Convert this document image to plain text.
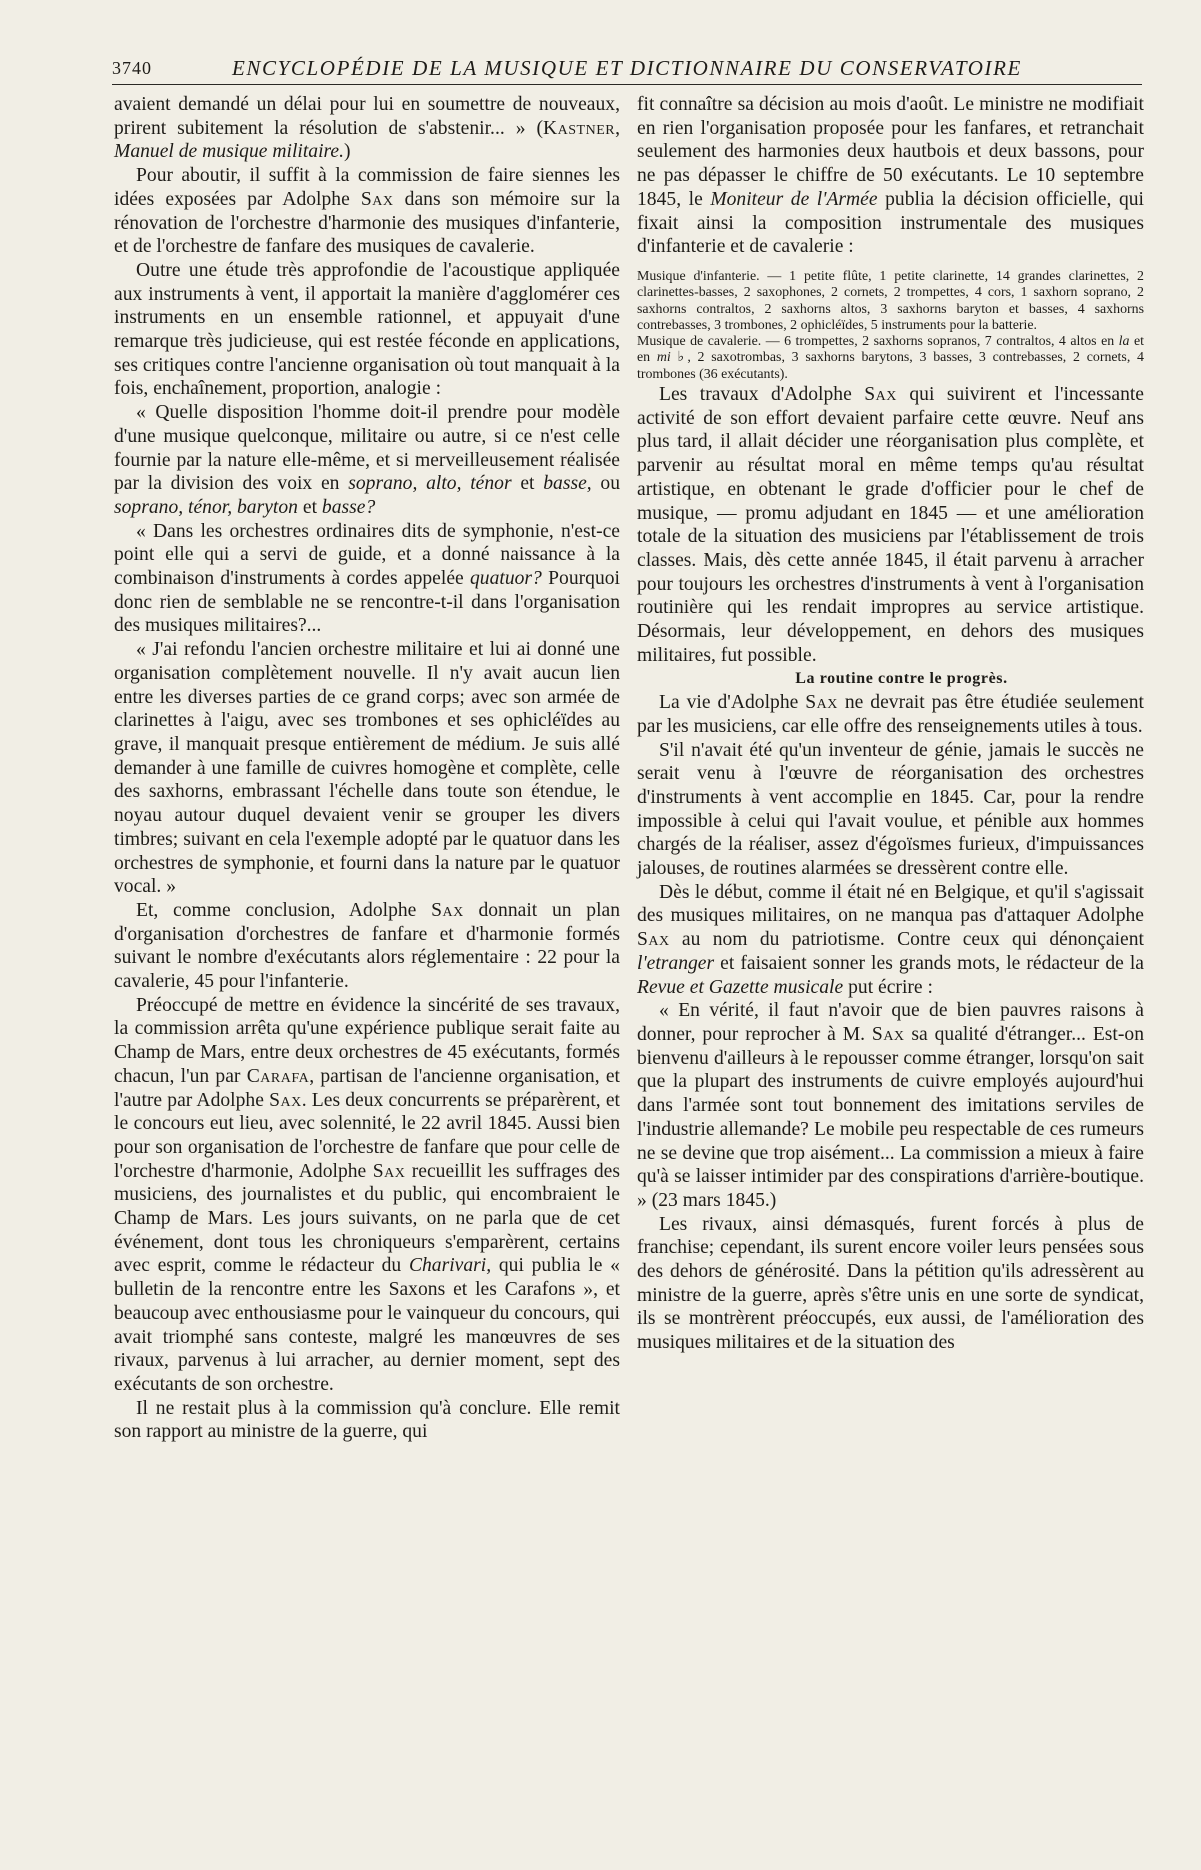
3740	ENCYCLOPÉDIE DE LA MUSIQUE ET DICTIONNAIRE DU CONSERVATOIRE

avaient demandé un délai pour lui en soumettre de nouveaux, prirent subitement la résolution de s'abstenir... » (Kastner, Manuel de musique militaire.)

Pour aboutir, il suffit à la commission de faire siennes les idées exposées par Adolphe Sax dans son mémoire sur la rénovation de l'orchestre d'harmonie des musiques d'infanterie, et de l'orchestre de fanfare des musiques de cavalerie.

Outre une étude très approfondie de l'acoustique appliquée aux instruments à vent, il apportait la manière d'agglomérer ces instruments en un ensemble rationnel, et appuyait d'une remarque très judicieuse, qui est restée féconde en applications, ses critiques contre l'ancienne organisation où tout manquait à la fois, enchaînement, proportion, analogie :

« Quelle disposition l'homme doit-il prendre pour modèle d'une musique quelconque, militaire ou autre, si ce n'est celle fournie par la nature elle-même, et si merveilleusement réalisée par la division des voix en soprano, alto, ténor et basse, ou soprano, ténor, baryton et basse?

« Dans les orchestres ordinaires dits de symphonie, n'est-ce point elle qui a servi de guide, et a donné naissance à la combinaison d'instruments à cordes appelée quatuor? Pourquoi donc rien de semblable ne se rencontre-t-il dans l'organisation des musiques militaires?...

« J'ai refondu l'ancien orchestre militaire et lui ai donné une organisation complètement nouvelle. Il n'y avait aucun lien entre les diverses parties de ce grand corps; avec son armée de clarinettes à l'aigu, avec ses trombones et ses ophicléïdes au grave, il manquait presque entièrement de médium. Je suis allé demander à une famille de cuivres homogène et complète, celle des saxhorns, embrassant l'échelle dans toute son étendue, le noyau autour duquel devaient venir se grouper les divers timbres; suivant en cela l'exemple adopté par le quatuor dans les orchestres de symphonie, et fourni dans la nature par le quatuor vocal. »

Et, comme conclusion, Adolphe Sax donnait un plan d'organisation d'orchestres de fanfare et d'harmonie formés suivant le nombre d'exécutants alors réglementaire : 22 pour la cavalerie, 45 pour l'infanterie.

Préoccupé de mettre en évidence la sincérité de ses travaux, la commission arrêta qu'une expérience publique serait faite au Champ de Mars, entre deux orchestres de 45 exécutants, formés chacun, l'un par Carafa, partisan de l'ancienne organisation, et l'autre par Adolphe Sax. Les deux concurrents se préparèrent, et le concours eut lieu, avec solennité, le 22 avril 1845. Aussi bien pour son organisation de l'orchestre de fanfare que pour celle de l'orchestre d'harmonie, Adolphe Sax recueillit les suffrages des musiciens, des journalistes et du public, qui encombraient le Champ de Mars. Les jours suivants, on ne parla que de cet événement, dont tous les chroniqueurs s'emparèrent, certains avec esprit, comme le rédacteur du Charivari, qui publia le « bulletin de la rencontre entre les Saxons et les Carafons », et beaucoup avec enthousiasme pour le vainqueur du concours, qui avait triomphé sans conteste, malgré les manœuvres de ses rivaux, parvenus à lui arracher, au dernier moment, sept des exécutants de son orchestre.

Il ne restait plus à la commission qu'à conclure. Elle remit son rapport au ministre de la guerre, qui

fit connaître sa décision au mois d'août. Le ministre ne modifiait en rien l'organisation proposée pour les fanfares, et retranchait seulement des harmonies deux hautbois et deux bassons, pour ne pas dépasser le chiffre de 50 exécutants. Le 10 septembre 1845, le Moniteur de l'Armée publia la décision officielle, qui fixait ainsi la composition instrumentale des musiques d'infanterie et de cavalerie :

Musique d'infanterie. — 1 petite flûte, 1 petite clarinette, 14 grandes clarinettes, 2 clarinettes-basses, 2 saxophones, 2 cornets, 2 trompettes, 4 cors, 1 saxhorn soprano, 2 saxhorns contraltos, 2 saxhorns altos, 3 saxhorns baryton et basses, 4 saxhorns contrebasses, 3 trombones, 2 ophicléïdes, 5 instruments pour la batterie.

Musique de cavalerie. — 6 trompettes, 2 saxhorns sopranos, 7 contraltos, 4 altos en la et en mi ♭, 2 saxotrombas, 3 saxhorns barytons, 3 basses, 3 contrebasses, 2 cornets, 4 trombones (36 exécutants).

Les travaux d'Adolphe Sax qui suivirent et l'incessante activité de son effort devaient parfaire cette œuvre. Neuf ans plus tard, il allait décider une réorganisation plus complète, et parvenir au résultat moral en même temps qu'au résultat artistique, en obtenant le grade d'officier pour le chef de musique, — promu adjudant en 1845 — et une amélioration totale de la situation des musiciens par l'établissement de trois classes. Mais, dès cette année 1845, il était parvenu à arracher pour toujours les orchestres d'instruments à vent à l'organisation routinière qui les rendait impropres au service artistique. Désormais, leur développement, en dehors des musiques militaires, fut possible.

La routine contre le progrès.

La vie d'Adolphe Sax ne devrait pas être étudiée seulement par les musiciens, car elle offre des renseignements utiles à tous.

S'il n'avait été qu'un inventeur de génie, jamais le succès ne serait venu à l'œuvre de réorganisation des orchestres d'instruments à vent accomplie en 1845. Car, pour la rendre impossible à celui qui l'avait voulue, et pénible aux hommes chargés de la réaliser, assez d'égoïsmes furieux, d'impuissances jalouses, de routines alarmées se dressèrent contre elle.

Dès le début, comme il était né en Belgique, et qu'il s'agissait des musiques militaires, on ne manqua pas d'attaquer Adolphe Sax au nom du patriotisme. Contre ceux qui dénonçaient l'etranger et faisaient sonner les grands mots, le rédacteur de la Revue et Gazette musicale put écrire :

« En vérité, il faut n'avoir que de bien pauvres raisons à donner, pour reprocher à M. Sax sa qualité d'étranger... Est-on bienvenu d'ailleurs à le repousser comme étranger, lorsqu'on sait que la plupart des instruments de cuivre employés aujourd'hui dans l'armée sont tout bonnement des imitations serviles de l'industrie allemande? Le mobile peu respectable de ces rumeurs ne se devine que trop aisément... La commission a mieux à faire qu'à se laisser intimider par des conspirations d'arrière-boutique. » (23 mars 1845.)

Les rivaux, ainsi démasqués, furent forcés à plus de franchise; cependant, ils surent encore voiler leurs pensées sous des dehors de générosité. Dans la pétition qu'ils adressèrent au ministre de la guerre, après s'être unis en une sorte de syndicat, ils se montrèrent préoccupés, eux aussi, de l'amélioration des musiques militaires et de la situation des
